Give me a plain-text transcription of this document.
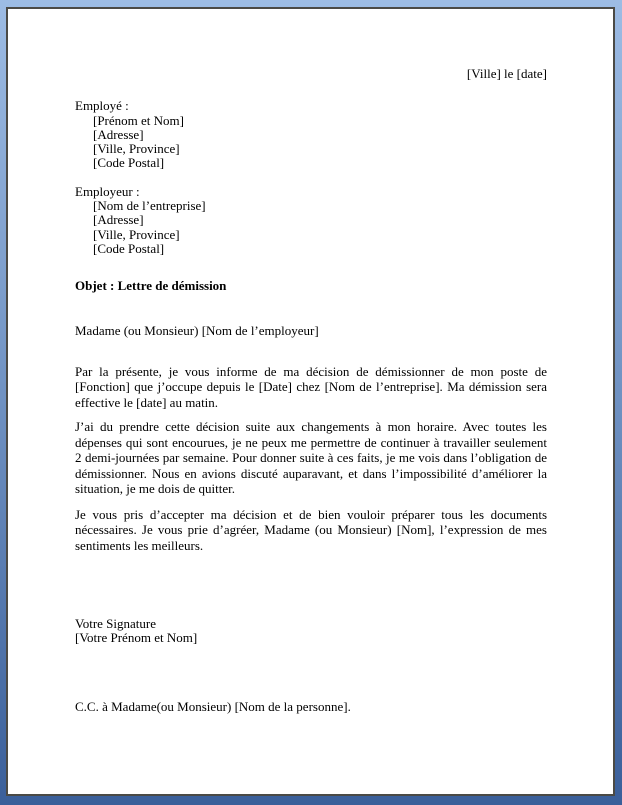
[Ville] le [date]
Employé :
[Prénom et Nom]
[Adresse]
[Ville, Province]
[Code Postal]
Employeur :
[Nom de l’entreprise]
[Adresse]
[Ville, Province]
[Code Postal]
Objet : Lettre de démission
Madame (ou Monsieur) [Nom de l’employeur]

Par la présente, je vous informe de ma décision de démissionner de mon poste de [Fonction] que j’occupe depuis le [Date] chez [Nom de l’entreprise]. Ma démission sera effective le [date] au matin.

J’ai du prendre cette décision suite aux changements à mon horaire. Avec toutes les dépenses qui sont encourues, je ne peux me permettre de continuer à travailler seulement 2 demi-journées par semaine. Pour donner suite à ces faits, je me vois dans l’obligation de démissionner. Nous en avions discuté auparavant, et dans l’impossibilité d’améliorer la situation, je me dois de quitter.

Je vous pris d’accepter ma décision et de bien vouloir préparer tous les documents nécessaires. Je vous prie d’agréer, Madame (ou Monsieur) [Nom], l’expression de mes sentiments les meilleurs.

Votre Signature
[Votre Prénom et Nom]
C.C. à Madame(ou Monsieur) [Nom de la personne].
